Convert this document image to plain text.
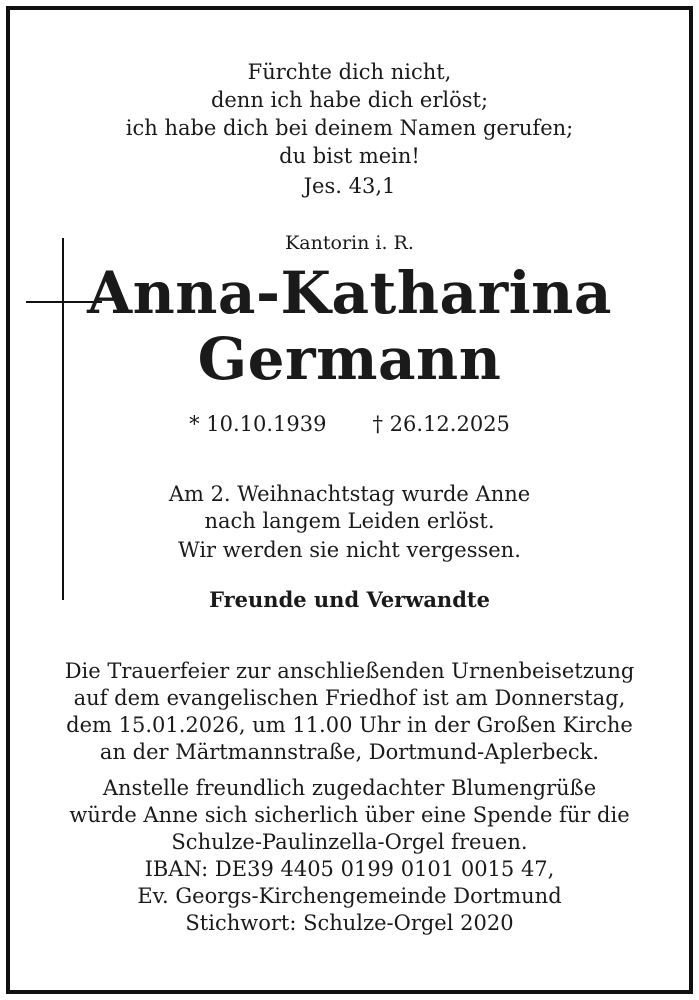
Fürchte dich nicht,
denn ich habe dich erlöst;
ich habe dich bei deinem Namen gerufen;
du bist mein!
Jes. 43,1
Kantorin i. R.
Anna-Katharina
Germann
* 10.10.1939 † 26.12.2025
Am 2. Weihnachtstag wurde Anne
nach langem Leiden erlöst.
Wir werden sie nicht vergessen.
Freunde und Verwandte
Die Trauerfeier zur anschließenden Urnenbeisetzung
auf dem evangelischen Friedhof ist am Donnerstag,
dem 15.01.2026, um 11.00 Uhr in der Großen Kirche
an der Märtmannstraße, Dortmund-Aplerbeck.
Anstelle freundlich zugedachter Blumengrüße
würde Anne sich sicherlich über eine Spende für die
Schulze-Paulinzella-Orgel freuen.
IBAN: DE39 4405 0199 0101 0015 47,
Ev. Georgs-Kirchengemeinde Dortmund
Stichwort: Schulze-Orgel 2020
